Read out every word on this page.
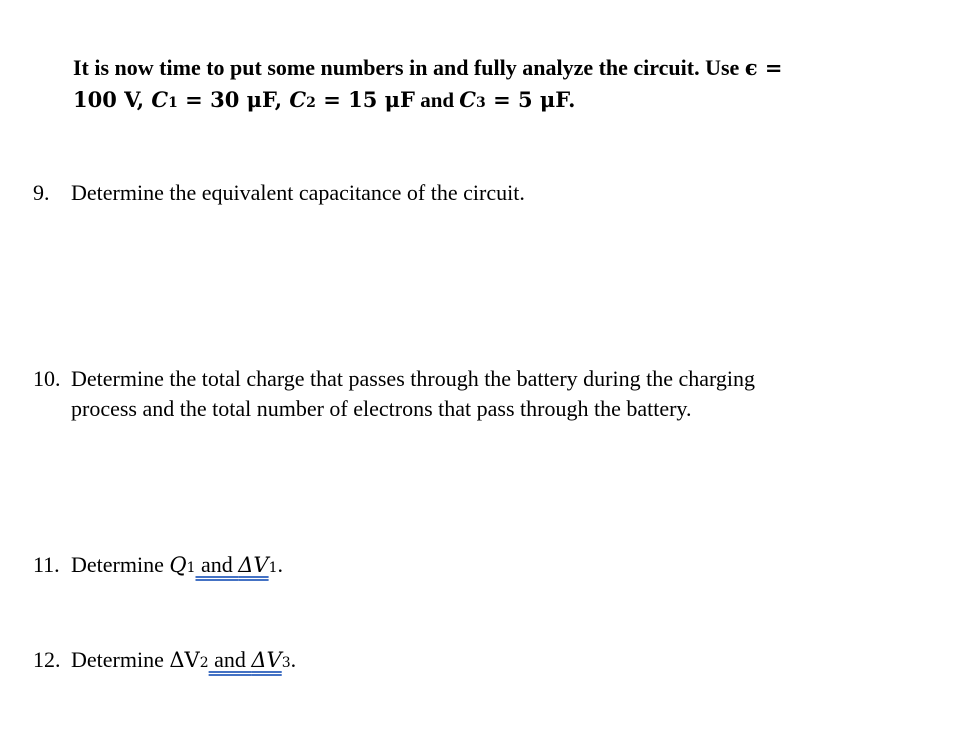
It is now time to put some numbers in and fully analyze the circuit. Use ϵ =
100 V, C1 = 30 μF, C2 = 15 μF and C3 = 5 μF.
9. Determine the equivalent capacitance of the circuit.
10. Determine the total charge that passes through the battery during the charging
process and the total number of electrons that pass through the battery.
11. Determine Q1 and ΔV1.
12. Determine ΔV2 and ΔV3.
